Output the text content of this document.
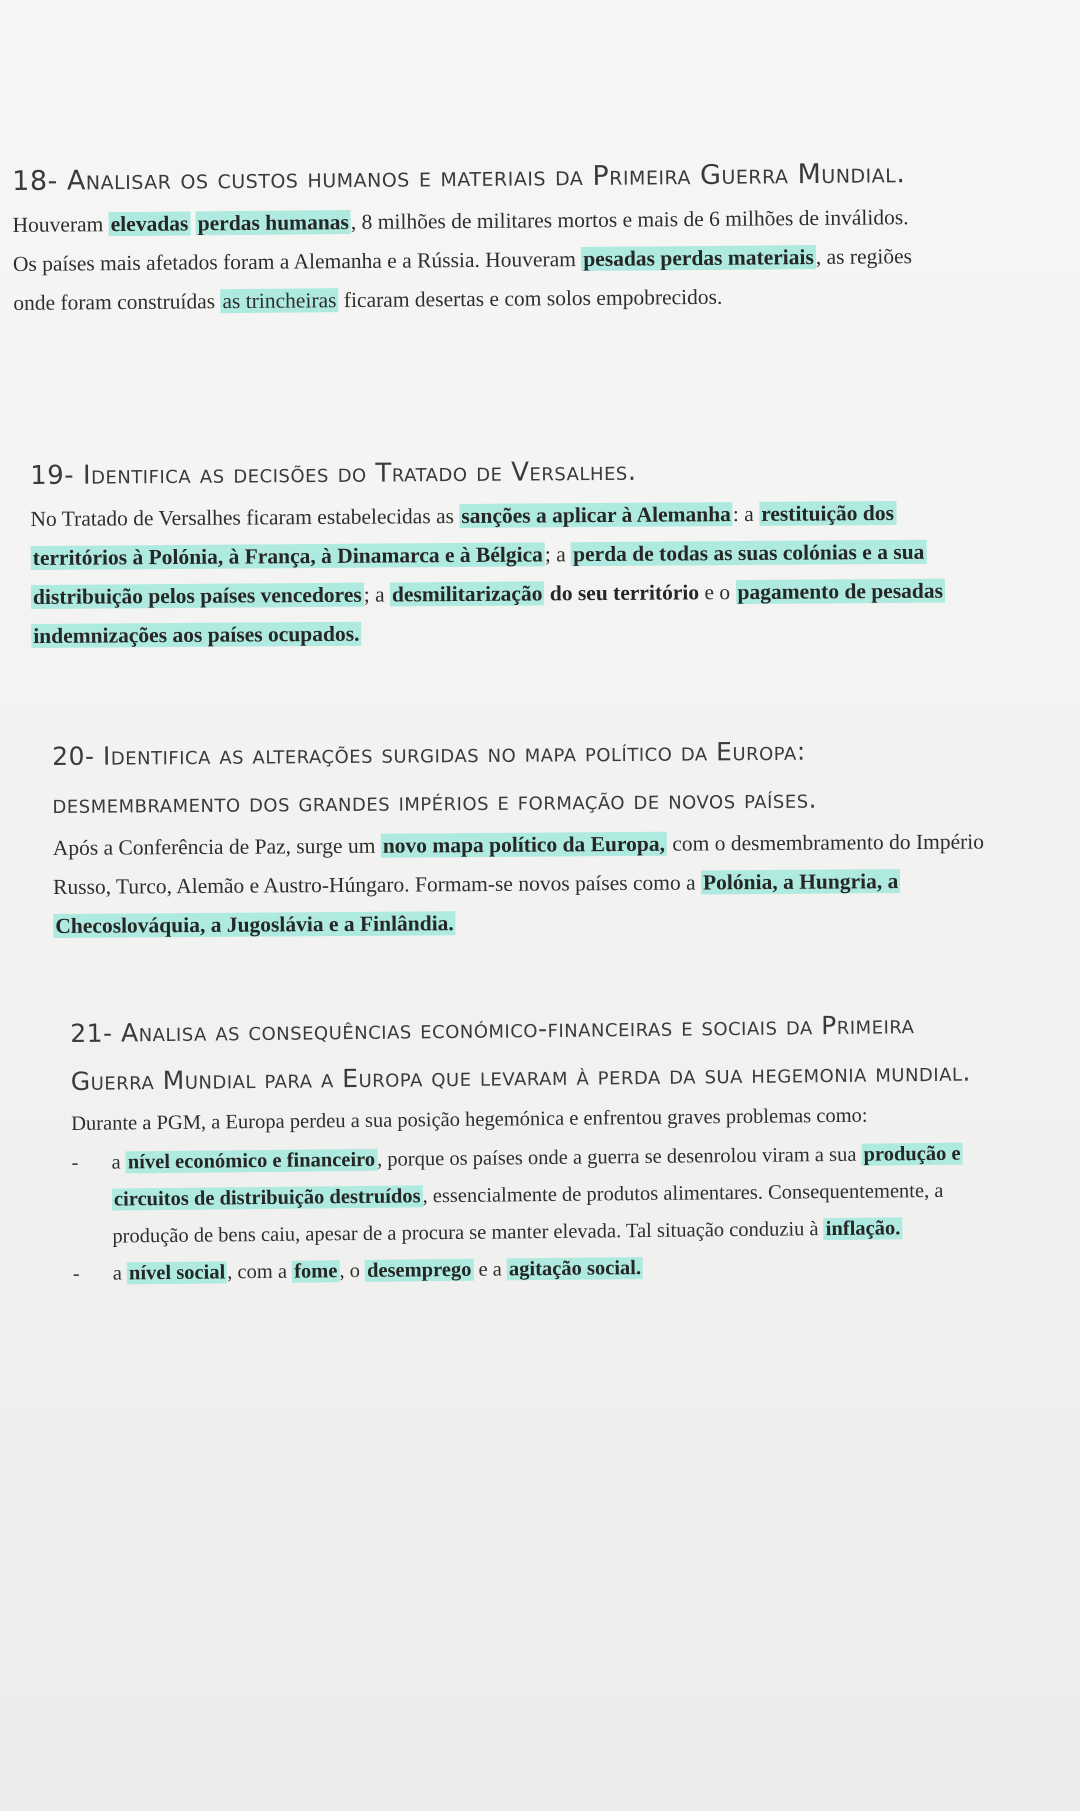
18- Analisar os custos humanos e materiais da Primeira Guerra Mundial.

Houveram elevadas perdas humanas, 8 milhões de militares mortos e mais de 6 milhões de inválidos. Os países mais afetados foram a Alemanha e a Rússia. Houveram pesadas perdas materiais, as regiões onde foram construídas as trincheiras ficaram desertas e com solos empobrecidos.

19- Identifica as decisões do Tratado de Versalhes.

No Tratado de Versalhes ficaram estabelecidas as sanções a aplicar à Alemanha: a restituição dos territórios à Polónia, à França, à Dinamarca e à Bélgica; a perda de todas as suas colónias e a sua distribuição pelos países vencedores; a desmilitarização do seu território e o pagamento de pesadas indemnizações aos países ocupados.

20- Identifica as alterações surgidas no mapa político da Europa: desmembramento dos grandes impérios e formação de novos países.

Após a Conferência de Paz, surge um novo mapa político da Europa, com o desmembramento do Império Russo, Turco, Alemão e Austro-Húngaro. Formam-se novos países como a Polónia, a Hungria, a Checoslováquia, a Jugoslávia e a Finlândia.

21- Analisa as consequências económico-financeiras e sociais da Primeira Guerra Mundial para a Europa que levaram à perda da sua hegemonia mundial.

Durante a PGM, a Europa perdeu a sua posição hegemónica e enfrentou graves problemas como:

- a nível económico e financeiro, porque os países onde a guerra se desenrolou viram a sua produção e circuitos de distribuição destruídos, essencialmente de produtos alimentares. Consequentemente, a produção de bens caiu, apesar de a procura se manter elevada. Tal situação conduziu à inflação.
- a nível social, com a fome, o desemprego e a agitação social.
